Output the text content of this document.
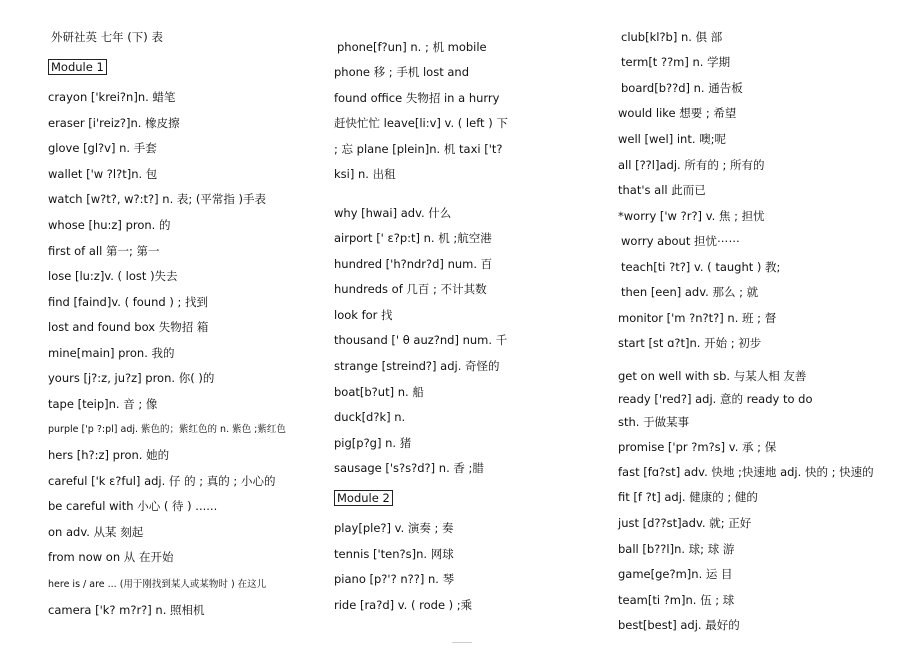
外研社英 七年 (下) 表
Module 1
crayon ['krei?n]n. 蜡笔
eraser [i'reiz?]n. 橡皮擦
glove [gl?v] n. 手套
wallet ['w ?l?t]n. 包
watch [w?t?, w?:t?] n. 表; (平常指 )手表
whose [hu:z] pron. 的
first of all 第一; 第一
lose [lu:z]v. ( lost )失去
find [faind]v. ( found ) ; 找到
lost and found box 失物招 箱
mine[main] pron. 我的
yours [j?:z, ju?z] pron. 你( )的
tape [teip]n. 音 ; 像
purple ['p ?:pl] adj. 紫色的；紫红色的 n. 紫色 ;紫红色
hers [h?:z] pron. 她的
careful ['k ε?ful] adj. 仔 的 ; 真的 ; 小心的
be careful with 小心 ( 待 ) ......
on adv. 从某 刻起
from now on 从 在开始
here is / are ... (用于刚找到某人或某物时 ) 在这儿
camera ['k? m?r?] n. 照相机
phone[f?un] n. ; 机 mobile
phone 移 ; 手机 lost and
found office 失物招 in a hurry
赶快忙忙 leave[li:v] v. ( left ) 下
; 忘 plane [plein]n. 机 taxi ['t?
ksi] n. 出租
why [hwai] adv. 什么
airport [' ε?p:t] n. 机 ;航空港
hundred ['h?ndr?d] num. 百
hundreds of 几百 ; 不计其数
look for 找
thousand [' θ auz?nd] num. 千
strange [streind?] adj. 奇怪的
boat[b?ut] n. 船
duck[d?k] n.
pig[p?g] n. 猪
sausage ['s?s?d?] n. 香 ;腊
Module 2
play[ple?] v. 演奏 ; 奏
tennis ['ten?s]n. 网球
piano [p?'? n??] n. 琴
ride [ra?d] v. ( rode ) ;乘
club[kl?b] n. 俱 部
term[t ??m] n. 学期
board[b??d] n. 通告板
would like 想要 ; 希望
well [wel] int. 噢;呢
all [??l]adj. 所有的 ; 所有的
that's all 此而已
*worry ['w ?r?] v. 焦 ; 担忧
worry about 担忧⋯⋯
teach[ti ?t?] v. ( taught ) 教;
then [een] adv. 那么 ; 就
monitor ['m ?n?t?] n. 班 ; 督
start [st ɑ?t]n. 开始 ; 初步
get on well with sb. 与某人相 友善
ready ['red?] adj. 意的 ready to do
sth. 于做某事
promise ['pr ?m?s] v. 承 ; 保
fast [fɑ?st] adv. 快地 ;快速地 adj. 快的 ; 快速的
fit [f ?t] adj. 健康的 ; 健的
just [d??st]adv. 就; 正好
ball [b??l]n. 球; 球 游
game[ge?m]n. 运 目
team[ti ?m]n. 伍 ; 球
best[best] adj. 最好的
